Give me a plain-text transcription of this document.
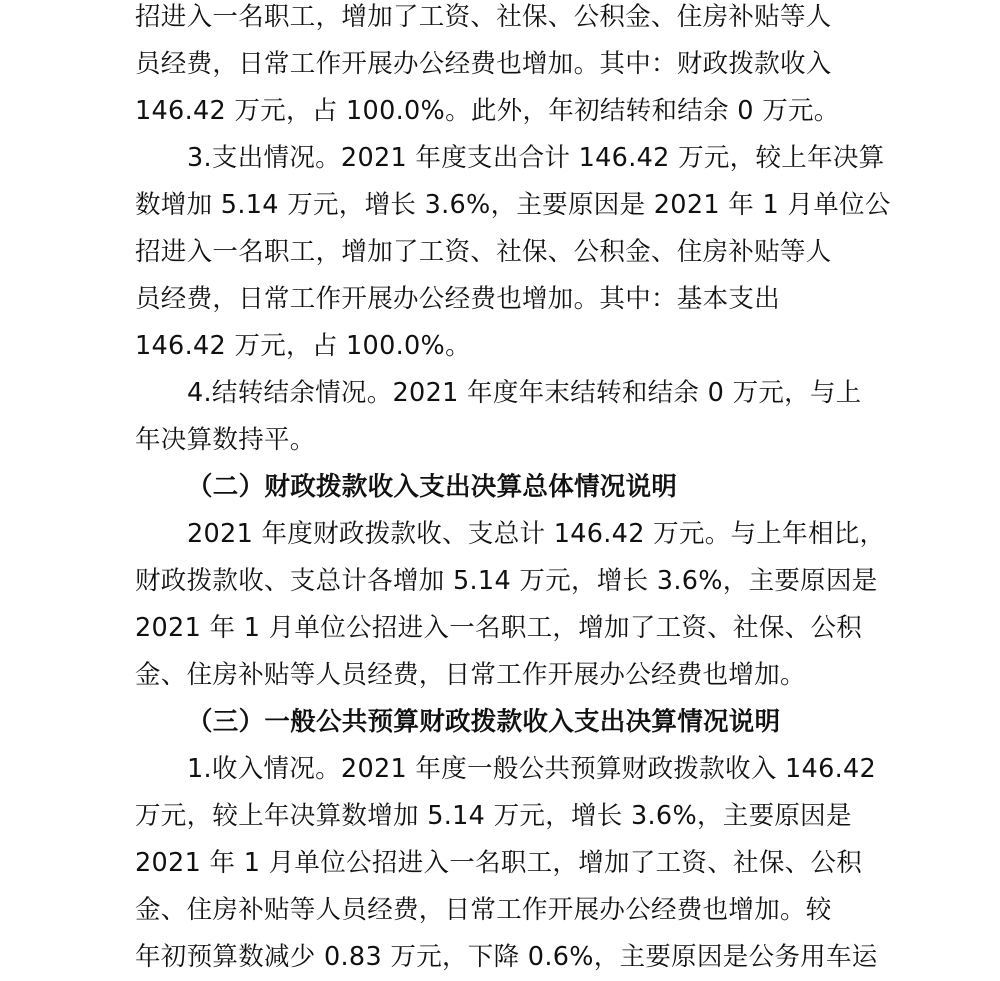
招进入一名职工，增加了工资、社保、公积金、住房补贴等人
员经费，日常工作开展办公经费也增加。其中：财政拨款收入
146.42 万元，占 100.0%。此外，年初结转和结余 0 万元。
3.支出情况。2021 年度支出合计 146.42 万元，较上年决算
数增加 5.14 万元，增长 3.6%，主要原因是 2021 年 1 月单位公
招进入一名职工，增加了工资、社保、公积金、住房补贴等人
员经费，日常工作开展办公经费也增加。其中：基本支出
146.42 万元，占 100.0%。
4.结转结余情况。2021 年度年末结转和结余 0 万元，与上
年决算数持平。
（二）财政拨款收入支出决算总体情况说明
2021 年度财政拨款收、支总计 146.42 万元。与上年相比，
财政拨款收、支总计各增加 5.14 万元，增长 3.6%，主要原因是
2021 年 1 月单位公招进入一名职工，增加了工资、社保、公积
金、住房补贴等人员经费，日常工作开展办公经费也增加。
（三）一般公共预算财政拨款收入支出决算情况说明
1.收入情况。2021 年度一般公共预算财政拨款收入 146.42
万元，较上年决算数增加 5.14 万元，增长 3.6%，主要原因是
2021 年 1 月单位公招进入一名职工，增加了工资、社保、公积
金、住房补贴等人员经费，日常工作开展办公经费也增加。较
年初预算数减少 0.83 万元，下降 0.6%，主要原因是公务用车运
